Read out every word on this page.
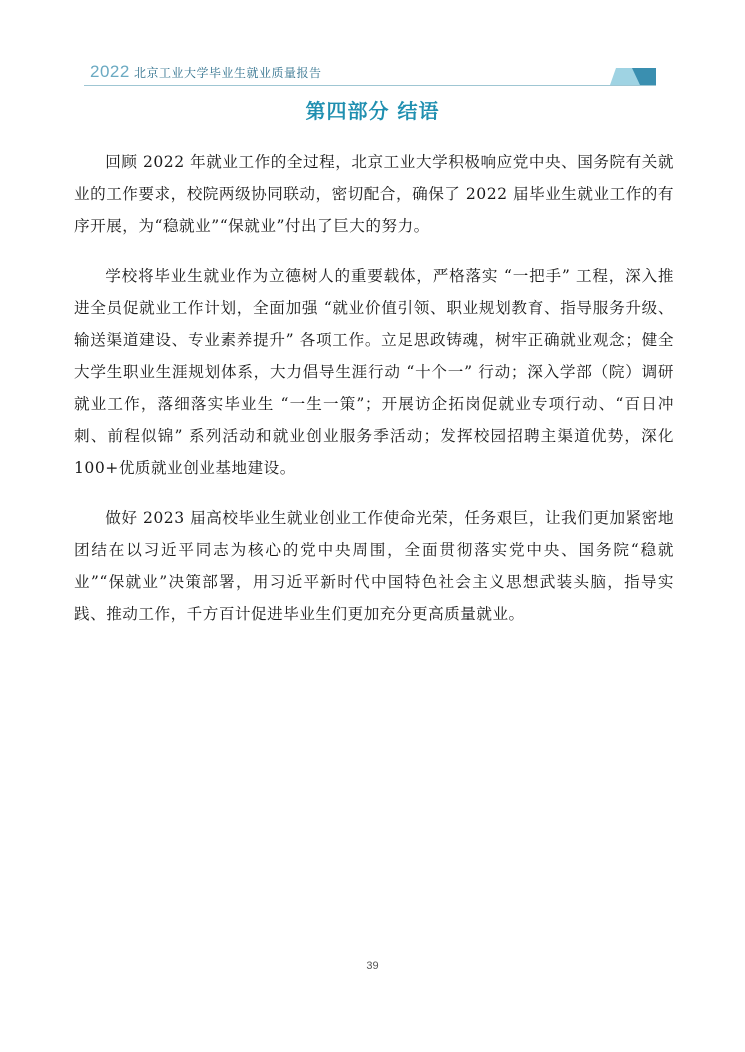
2022 北京工业大学毕业生就业质量报告
第四部分 结语

回顾 2022 年就业工作的全过程，北京工业大学积极响应党中央、国务院有关就业的工作要求，校院两级协同联动，密切配合，确保了 2022 届毕业生就业工作的有序开展，为“稳就业”“保就业”付出了巨大的努力。

学校将毕业生就业作为立德树人的重要载体，严格落实 “一把手” 工程，深入推进全员促就业工作计划，全面加强 “就业价值引领、职业规划教育、指导服务升级、输送渠道建设、专业素养提升” 各项工作。立足思政铸魂，树牢正确就业观念；健全大学生职业生涯规划体系，大力倡导生涯行动 “十个一” 行动；深入学部（院）调研就业工作，落细落实毕业生 “一生一策”；开展访企拓岗促就业专项行动、“百日冲刺、前程似锦” 系列活动和就业创业服务季活动；发挥校园招聘主渠道优势，深化 100+优质就业创业基地建设。

做好 2023 届高校毕业生就业创业工作使命光荣，任务艰巨，让我们更加紧密地团结在以习近平同志为核心的党中央周围，全面贯彻落实党中央、国务院“稳就业”“保就业”决策部署，用习近平新时代中国特色社会主义思想武装头脑，指导实践、推动工作，千方百计促进毕业生们更加充分更高质量就业。

39
